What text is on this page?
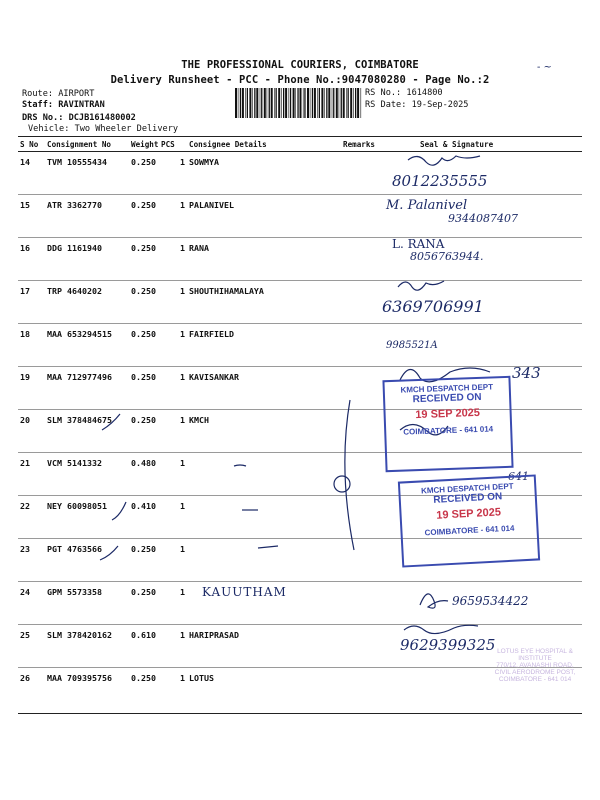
THE PROFESSIONAL COURIERS, COIMBATORE
Delivery Runsheet - PCC - Phone No.:9047080280 - Page No.:2
Route: AIRPORT
Staff: RAVINTRAN
DRS No.: DCJB161480002
Vehicle: Two Wheeler Delivery
RS No.: 1614800
RS Date: 19-Sep-2025
- ~
S No	Consignment No	Weight	PCS	Consignee Details	Remarks	Seal & Signature
14	TVM 10555434	0.250	1	SOWMYA		
15	ATR 3362770	0.250	1	PALANIVEL		
16	DDG 1161940	0.250	1	RANA		
17	TRP 4640202	0.250	1	SHOUTHIHAMALAYA		
18	MAA 653294515	0.250	1	FAIRFIELD		
19	MAA 712977496	0.250	1	KAVISANKAR		
20	SLM 378484675	0.250	1	KMCH		
21	VCM 5141332	0.480	1			
22	NEY 60098051	0.410	1			
23	PGT 4763566	0.250	1			
24	GPM 5573358	0.250	1			
25	SLM 378420162	0.610	1	HARIPRASAD		
26	MAA 709395756	0.250	1	LOTUS		
8012235555
M. Palanivel
9344087407
L. RANA
8056763944.
6369706991
9985521A
343
641
KAUUTHAM
9659534422
9629399325
KMCH DESPATCH DEPT
RECEIVED ON
19 SEP 2025
COIMBATORE - 641 014
KMCH DESPATCH DEPT
RECEIVED ON
19 SEP 2025
COIMBATORE - 641 014
LOTUS EYE HOSPITAL & INSTITUTE
770/12, AVANASHI ROAD,
CIVIL AERODROME POST,
COIMBATORE - 641 014
